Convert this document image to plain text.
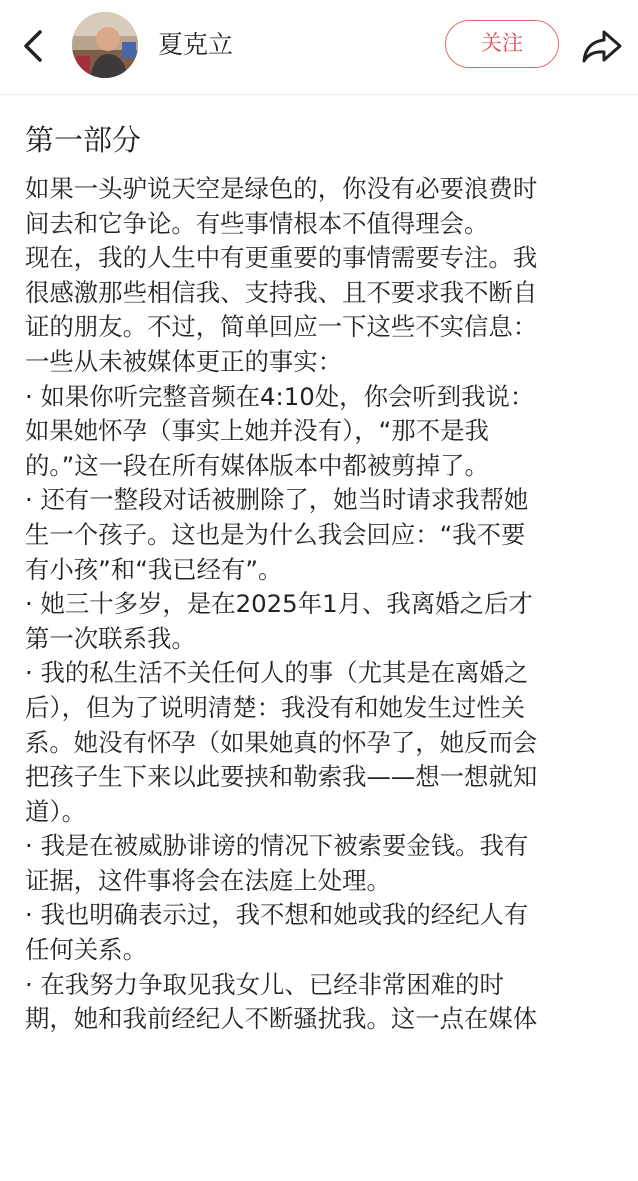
夏克立	关注
第一部分

如果一头驴说天空是绿色的，你没有必要浪费时
间去和它争论。有些事情根本不值得理会。

现在，我的人生中有更重要的事情需要专注。我
很感激那些相信我、支持我、且不要求我不断自
证的朋友。不过，简单回应一下这些不实信息：
一些从未被媒体更正的事实：

· 如果你听完整音频在4:10处，你会听到我说：
如果她怀孕（事实上她并没有），“那不是我
的。”这一段在所有媒体版本中都被剪掉了。

· 还有一整段对话被删除了，她当时请求我帮她
生一个孩子。这也是为什么我会回应：“我不要
有小孩”和“我已经有”。

· 她三十多岁，是在2025年1月、我离婚之后才
第一次联系我。

· 我的私生活不关任何人的事（尤其是在离婚之
后），但为了说明清楚：我没有和她发生过性关
系。她没有怀孕（如果她真的怀孕了，她反而会
把孩子生下来以此要挟和勒索我——想一想就知
道）。

· 我是在被威胁诽谤的情况下被索要金钱。我有
证据，这件事将会在法庭上处理。

· 我也明确表示过，我不想和她或我的经纪人有
任何关系。

· 在我努力争取见我女儿、已经非常困难的时
期，她和我前经纪人不断骚扰我。这一点在媒体
